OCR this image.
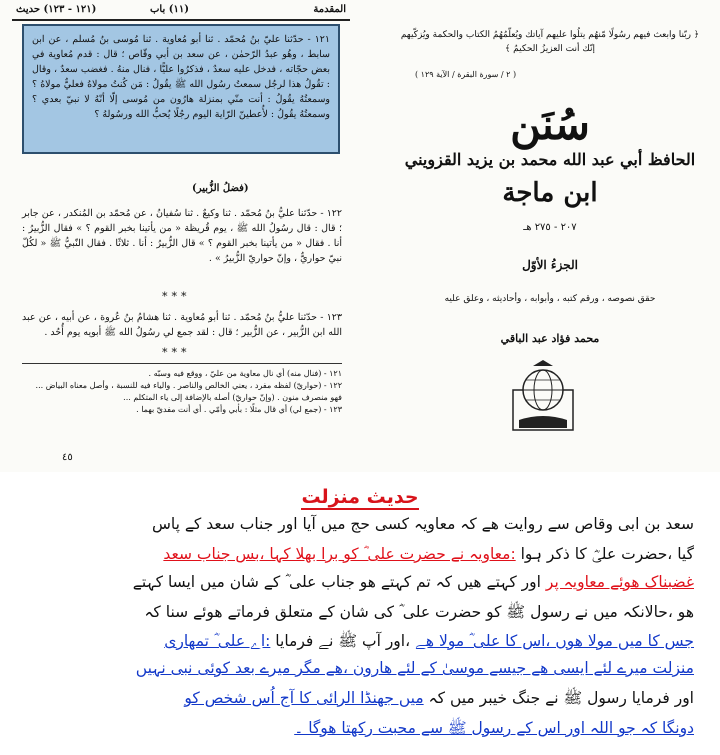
المقدمة
(١١) باب
(١٢١ - ١٢٣) حديث
١٢١ - حدّثنا عليّ بنُ مُحمّد . ثنا أبو مُعاوية . ثنا مُوسى بنُ مُسلم ، عن ابن سابط ، وهُو عبدُ الرّحمٰن ، عن سعد بن أبي وقّاص ؛ قال : قدم مُعاوية في بعض حجّاته ، فدخل عليه سعدٌ ، فذكرُوا عليًّا ، فنال منهُ . فغضب سعدٌ ، وقال : تقُولُ هذا لرجُل سمعتُ رسُول الله ﷺ يقُولُ : مَن كُنتُ مولاهُ فعليٌّ مولاهُ ؟ وسمعتُهُ يقُولُ : أنت منّي بمنزلة هارُون من مُوسى إلّا أنّهُ لا نبيّ بعدي ؟ وسمعتُهُ يقُولُ : لأُعطينّ الرّاية اليوم رجُلًا يُحبُّ الله ورسُولهُ ؟
(فضلُ الزُّبير)
١٢٢ - حدّثنا عليُّ بنُ مُحمّد . ثنا وكيعٌ . ثنا سُفيانُ ، عن مُحمّد بن المُنكدر ، عن جابر ؛ قال : قال رسُولُ الله ﷺ ، يوم قُريظة « من يأتينا بخبر القوم ؟ » فقال الزُّبيرُ : أنا . فقال « من يأتينا بخبر القوم ؟ » قال الزُّبيرُ : أنا . ثلاثًا . فقال النّبيُّ ﷺ « لكُلّ نبيّ حواريٌّ ، وإنّ حواريّ الزُّبيرُ » .
***
١٢٣ - حدّثنا عليُّ بنُ مُحمّد . ثنا أبو مُعاوية . ثنا هشامُ بنُ عُروة ، عن أبيه ، عن عبد الله ابن الزُّبير ، عن الزُّبير ؛ قال : لقد جمع لي رسُولُ الله ﷺ أبويه يوم أُحُد .
***
١٢١ - (فنال منه) أي نال معاوية من عليّ ، ووقع فيه وسبّه .
١٢٢ - (حواريّ) لفظه مفرد ، يعني الخالص والناصر . والياء فيه للنسبة ، وأصل معناه البياض ... فهو منصرف منون . (وإنّ حواريّ) أصله بالإضافة إلى ياء المتكلم ...
١٢٣ - (جمع لي) أي قال مثلًا : بأبي وأمّي . أي أنت مفديّ بهما .
٤٥
﴿ ربّنا وابعث فيهم رسُولًا مّنهُم يتلُوا عليهم آياتك ويُعلّمُهُمُ الكتاب والحكمة ويُزكّيهم إنّك أنت العزيزُ الحكيمُ ﴾
( ٢ / سورة البقرة / الآية ١٢٩ )
سُنَن
الحافظ أبي عبد الله محمد بن يزيد القزويني
ابن ماجة
٢٠٧ - ٢٧٥ هـ
الجزءُ الأوّل
حقق نصوصه ، ورقم كتبه ، وأبوابه ، وأحاديثه ، وعلق عليه
محمد فؤاد عبد الباقي
حدیث منزلت
سعد بن ابی وقاص سے روایت ھے کہ معاویہ کسی حج میں آیا اور جناب سعد کے پاس
گیا ،حضرت علی کا ذکر ہوا :معاویہ نے حضرت علی ؓ کو برا بھلا کہا ،بس جناب سعد
غضبناک ھوئے معاویہ پر اور کہتے ھیں کہ تم کہتے ھو جناب علی ؓ کے شان میں ایسا کہتے
ھو ،حالانکہ میں نے رسول ﷺ کو حضرت علی ؓ کی شان کے متعلق فرماتے ھوئے سنا کہ
جس کا میں مولا ھوں ،اس کا علی ؓ مولا ھے ،اور آپ ﷺ نے فرمایا :اے علی ؓ تمھاری
منزلت میرے لئے ایسی ھے جیسے موسیٰ کے لئے ھارون ،ھے مگر میرے بعد کوئی نبی نہیں
اور فرمایا رسول ﷺ نے جنگ خیبر میں کہ میں جھنڈا الرائی کا آج اُس شخص کو
دونگا کہ جو اللہ اور اس کے رسول ﷺ سے محبت رکھتا ھوگا ۔
